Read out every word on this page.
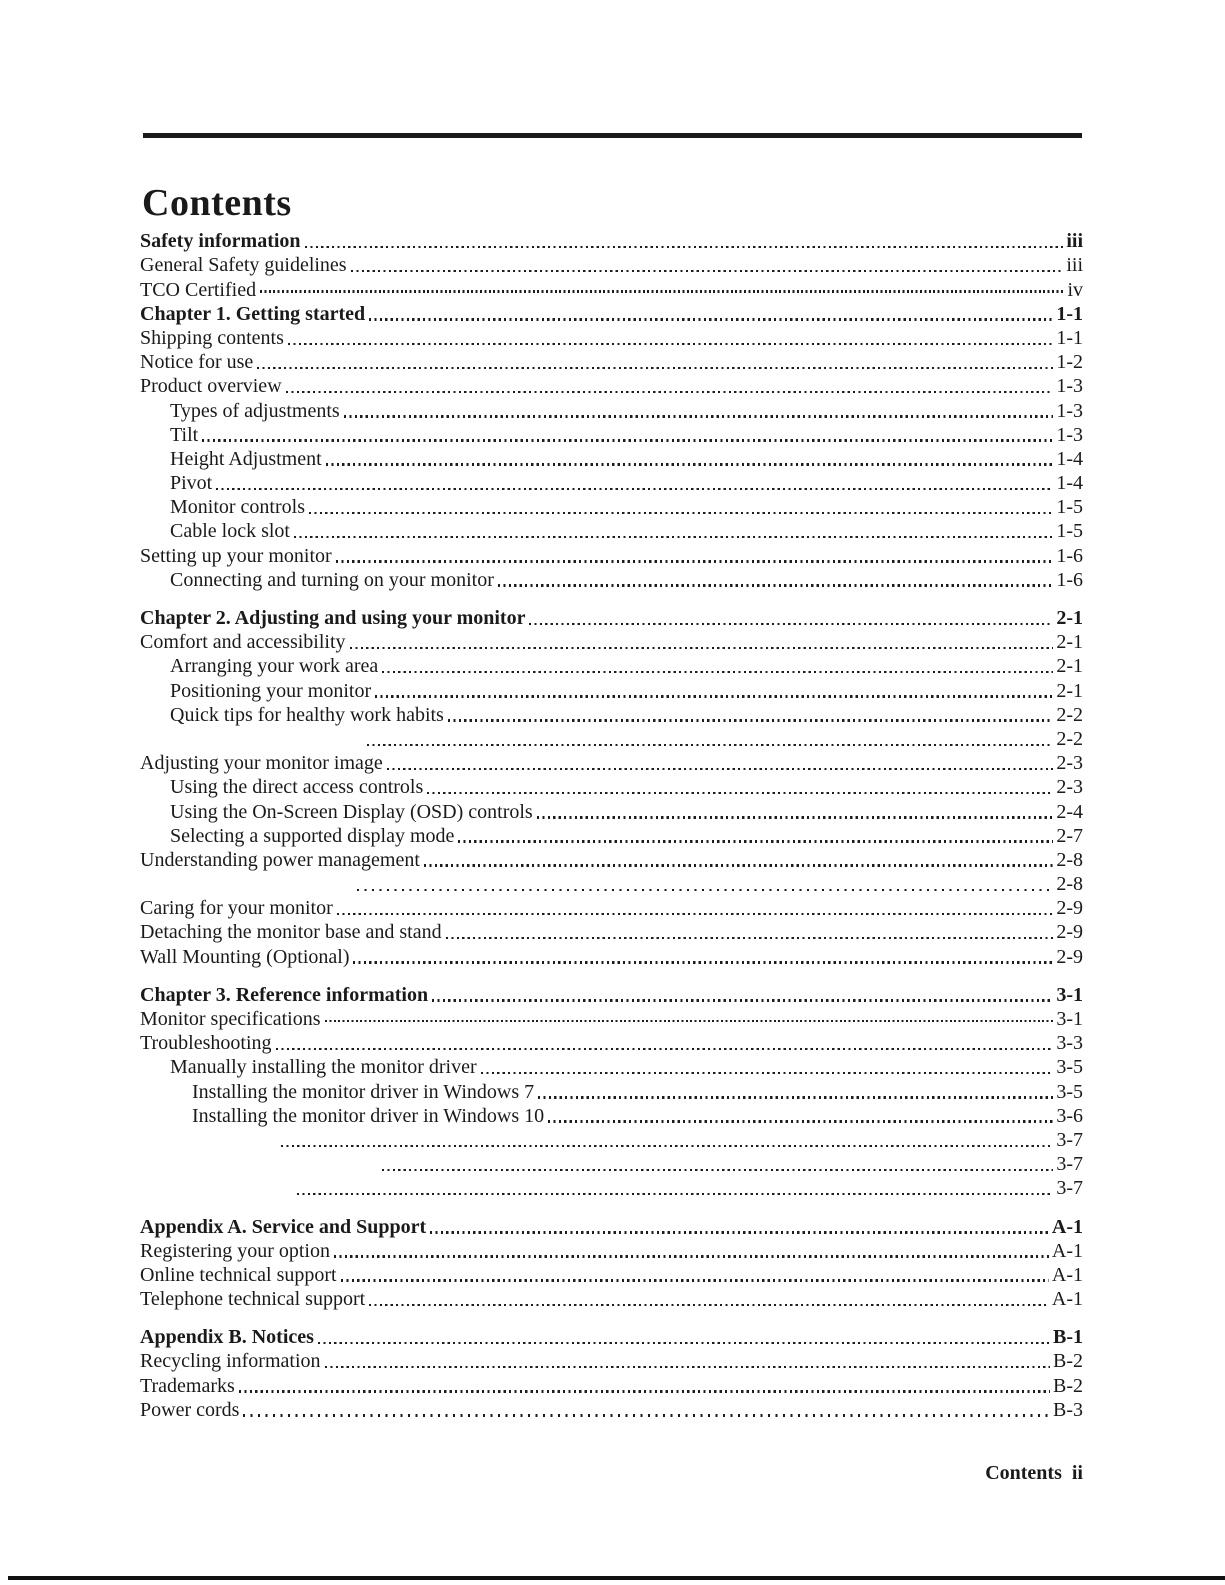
Contents
Safety information	iii
General Safety guidelines	iii
TCO Certified	iv
Chapter 1. Getting started	1-1
Shipping contents	1-1
Notice for use	1-2
Product overview	1-3
Types of adjustments	1-3
Tilt	1-3
Height Adjustment	1-4
Pivot	1-4
Monitor controls	1-5
Cable lock slot	1-5
Setting up your monitor	1-6
Connecting and turning on your monitor	1-6
Chapter 2. Adjusting and using your monitor	2-1
Comfort and accessibility	2-1
Arranging your work area	2-1
Positioning your monitor	2-1
Quick tips for healthy work habits	2-2
2-2
Adjusting your monitor image	2-3
Using the direct access controls	2-3
Using the On-Screen Display (OSD) controls	2-4
Selecting a supported display mode	2-7
Understanding power management	2-8
2-8
Caring for your monitor	2-9
Detaching the monitor base and stand	2-9
Wall Mounting (Optional)	2-9
Chapter 3. Reference information	3-1
Monitor specifications	3-1
Troubleshooting	3-3
Manually installing the monitor driver	3-5
Installing the monitor driver in Windows 7	3-5
Installing the monitor driver in Windows 10	3-6
3-7
3-7
3-7
Appendix A. Service and Support	A-1
Registering your option	A-1
Online technical support	A-1
Telephone technical support	A-1
Appendix B. Notices	B-1
Recycling information	B-2
Trademarks	B-2
Power cords	B-3
Contents ii
